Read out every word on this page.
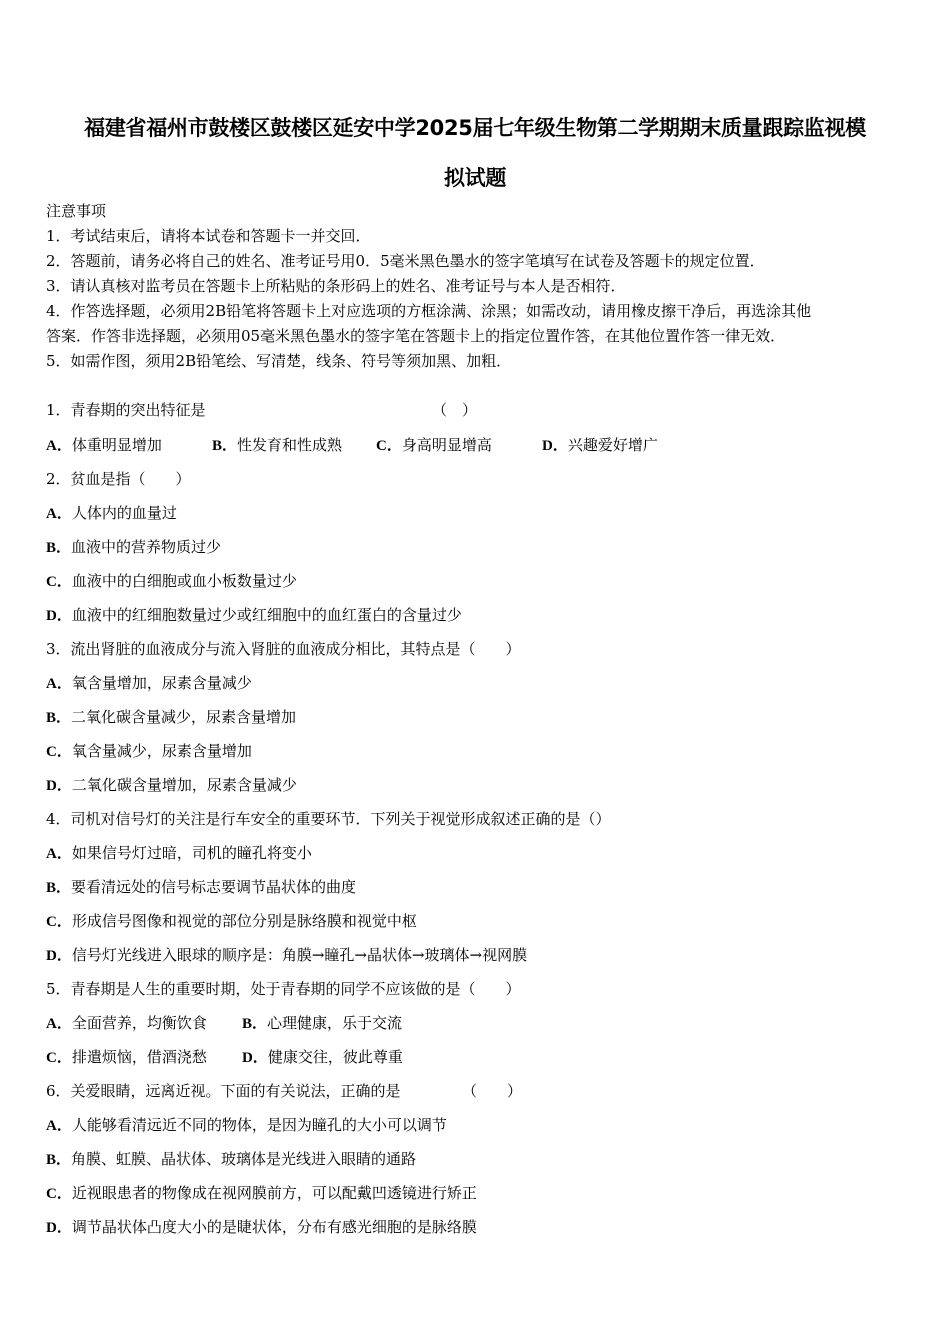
福建省福州市鼓楼区鼓楼区延安中学2025届七年级生物第二学期期末质量跟踪监视模
拟试题
注意事项
1．考试结束后，请将本试卷和答题卡一并交回．
2．答题前，请务必将自己的姓名、准考证号用0．5毫米黑色墨水的签字笔填写在试卷及答题卡的规定位置．
3．请认真核对监考员在答题卡上所粘贴的条形码上的姓名、准考证号与本人是否相符．
4．作答选择题，必须用2B铅笔将答题卡上对应选项的方框涂满、涂黑；如需改动，请用橡皮擦干净后，再选涂其他
答案．作答非选择题，必须用05毫米黑色墨水的签字笔在答题卡上的指定位置作答，在其他位置作答一律无效．
5．如需作图，须用2B铅笔绘、写清楚，线条、符号等须加黑、加粗．
1．青春期的突出特征是	（　）
A．体重明显增加	B．性发育和性成熟 C．身高明显增高	D．兴趣爱好增广
2．贫血是指（　　）
A．人体内的血量过
B．血液中的营养物质过少
C．血液中的白细胞或血小板数量过少
D．血液中的红细胞数量过少或红细胞中的血红蛋白的含量过少
3．流出肾脏的血液成分与流入肾脏的血液成分相比，其特点是（　　）
A．氧含量增加，尿素含量减少
B．二氧化碳含量减少，尿素含量增加
C．氧含量减少，尿素含量增加
D．二氧化碳含量增加，尿素含量减少
4．司机对信号灯的关注是行车安全的重要环节．下列关于视觉形成叙述正确的是（）
A．如果信号灯过暗，司机的瞳孔将变小
B．要看清远处的信号标志要调节晶状体的曲度
C．形成信号图像和视觉的部位分别是脉络膜和视觉中枢
D．信号灯光线进入眼球的顺序是：角膜→瞳孔→晶状体→玻璃体→视网膜
5．青春期是人生的重要时期，处于青春期的同学不应该做的是（　　）
A．全面营养，均衡饮食 B．心理健康，乐于交流
C．排遣烦恼，借酒浇愁 D．健康交往，彼此尊重
6．关爱眼睛，远离近视。下面的有关说法，正确的是	（　　）
A．人能够看清远近不同的物体，是因为瞳孔的大小可以调节
B．角膜、虹膜、晶状体、玻璃体是光线进入眼睛的通路
C．近视眼患者的物像成在视网膜前方，可以配戴凹透镜进行矫正
D．调节晶状体凸度大小的是睫状体，分布有感光细胞的是脉络膜
